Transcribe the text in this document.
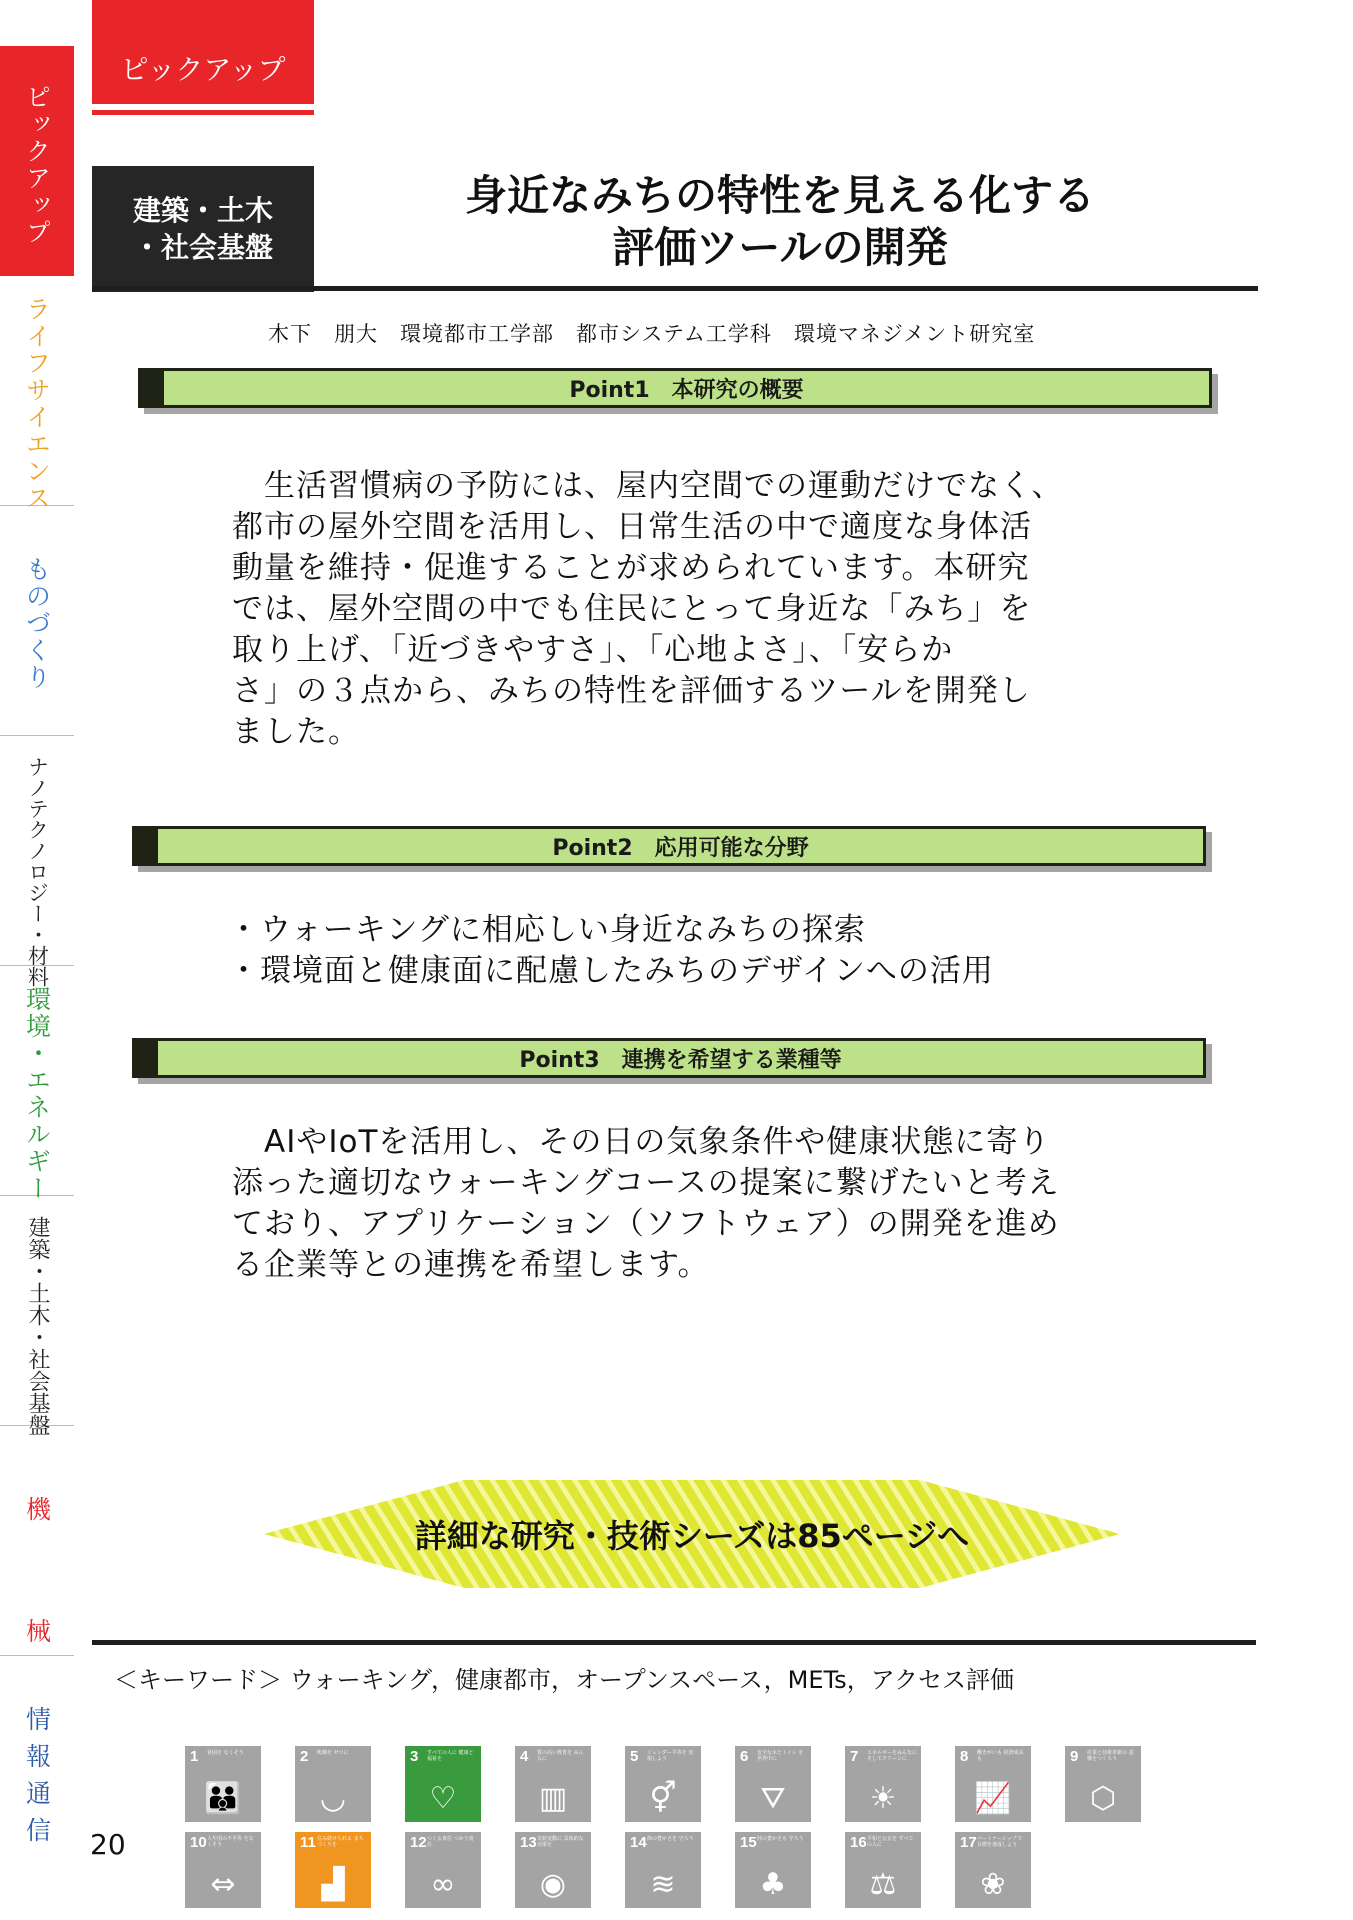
ピックアップ
ライフサイエンス
ものづくり
ナノテクノロジー・材料
環境・エネルギー
建築・土木・社会基盤
機　械
情報通信
ピックアップ
建築・土木
・社会基盤
身近なみちの特性を見える化する
評価ツールの開発
木下　朋大　環境都市工学部　都市システム工学科　環境マネジメント研究室
Point1　本研究の概要
　生活習慣病の予防には、屋内空間での運動だけでなく、
都市の屋外空間を活用し、日常生活の中で適度な身体活
動量を維持・促進することが求められています。本研究
では、屋外空間の中でも住民にとって身近な「みち」を
取り上げ、「近づきやすさ」、「心地よさ」、「安らか
さ」の３点から、みちの特性を評価するツールを開発し
ました。
Point2　応用可能な分野
・ウォーキングに相応しい身近なみちの探索
・環境面と健康面に配慮したみちのデザインへの活用
Point3　連携を希望する業種等
　AIやIoTを活用し、その日の気象条件や健康状態に寄り
添った適切なウォーキングコースの提案に繋げたいと考え
ており、アプリケーション（ソフトウェア）の開発を進め
る企業等との連携を希望します。
詳細な研究・技術シーズは85ページへ
＜キーワード＞ ウォーキング，健康都市，オープンスペース，METs，アクセス評価
20
1 貧困を なくそう
👪
2 飢餓を ゼロに
◡
3 すべての人に 健康と福祉を
♡
4 質の高い教育を みんなに
▥
5 ジェンダー平等を 実現しよう
⚥
6 安全な水とトイレ を世界中に
⛛
7 エネルギーをみんなに そしてクリーンに
☀
8 働きがいも 経済成長も
📈
9 産業と技術革新の 基盤をつくろう
⬡
10 人や国の不平等 をなくそう
⇔
11 住み続けられる まちづくりを
▟
12 つくる責任 つかう責任
∞
13 気候変動に 具体的な対策を
◉
14 海の豊かさを 守ろう
≋
15 陸の豊かさも 守ろう
♣
16 平和と公正を すべての人に
⚖
17 パートナーシップで 目標を達成しよう
❀
